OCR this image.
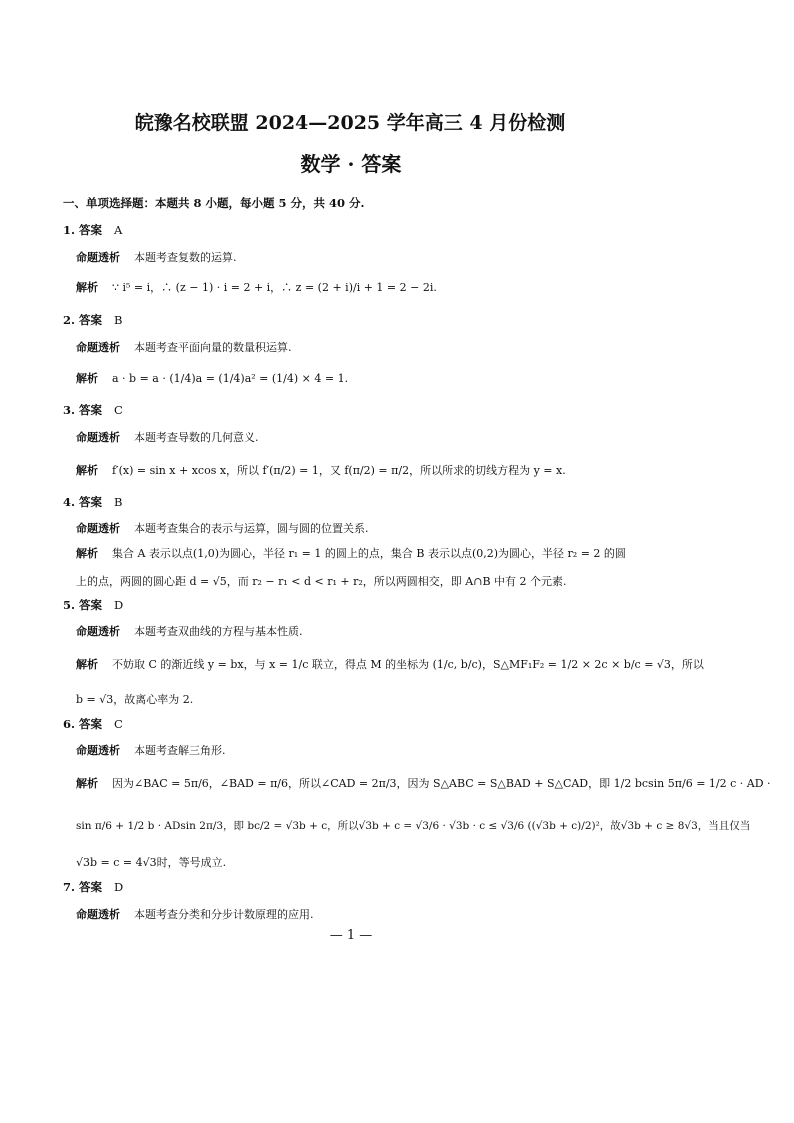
皖豫名校联盟 2024—2025 学年高三 4 月份检测
数学 · 答案
一、单项选择题：本题共 8 小题，每小题 5 分，共 40 分.
1. 答案 A
命题透析 本题考查复数的运算.
解析 ∵ i⁵ = i，∴ (z − 1) · i = 2 + i，∴ z = (2 + i)/i + 1 = 2 − 2i.
2. 答案 B
命题透析 本题考查平面向量的数量积运算.
解析 a · b = a · (1/4)a = (1/4)a² = (1/4) × 4 = 1.
3. 答案 C
命题透析 本题考查导数的几何意义.
解析 f′(x) = sin x + xcos x，所以 f′(π/2) = 1，又 f(π/2) = π/2，所以所求的切线方程为 y = x.
4. 答案 B
命题透析 本题考查集合的表示与运算，圆与圆的位置关系.
解析 集合 A 表示以点(1,0)为圆心，半径 r₁ = 1 的圆上的点，集合 B 表示以点(0,2)为圆心，半径 r₂ = 2 的圆
上的点，两圆的圆心距 d = √5，而 r₂ − r₁ < d < r₁ + r₂，所以两圆相交，即 A∩B 中有 2 个元素.
5. 答案 D
命题透析 本题考查双曲线的方程与基本性质.
解析 不妨取 C 的渐近线 y = bx，与 x = 1/c 联立，得点 M 的坐标为 (1/c, b/c)，S△MF₁F₂ = 1/2 × 2c × b/c = √3，所以
b = √3，故离心率为 2.
6. 答案 C
命题透析 本题考查解三角形.
解析 因为∠BAC = 5π/6，∠BAD = π/6，所以∠CAD = 2π/3，因为 S△ABC = S△BAD + S△CAD，即 1/2 bcsin 5π/6 = 1/2 c · AD ·
sin π/6 + 1/2 b · ADsin 2π/3，即 bc/2 = √3b + c，所以√3b + c = √3/6 · √3b · c ≤ √3/6 ((√3b + c)/2)²，故√3b + c ≥ 8√3，当且仅当
√3b = c = 4√3时，等号成立.
7. 答案 D
命题透析 本题考查分类和分步计数原理的应用.
— 1 —
